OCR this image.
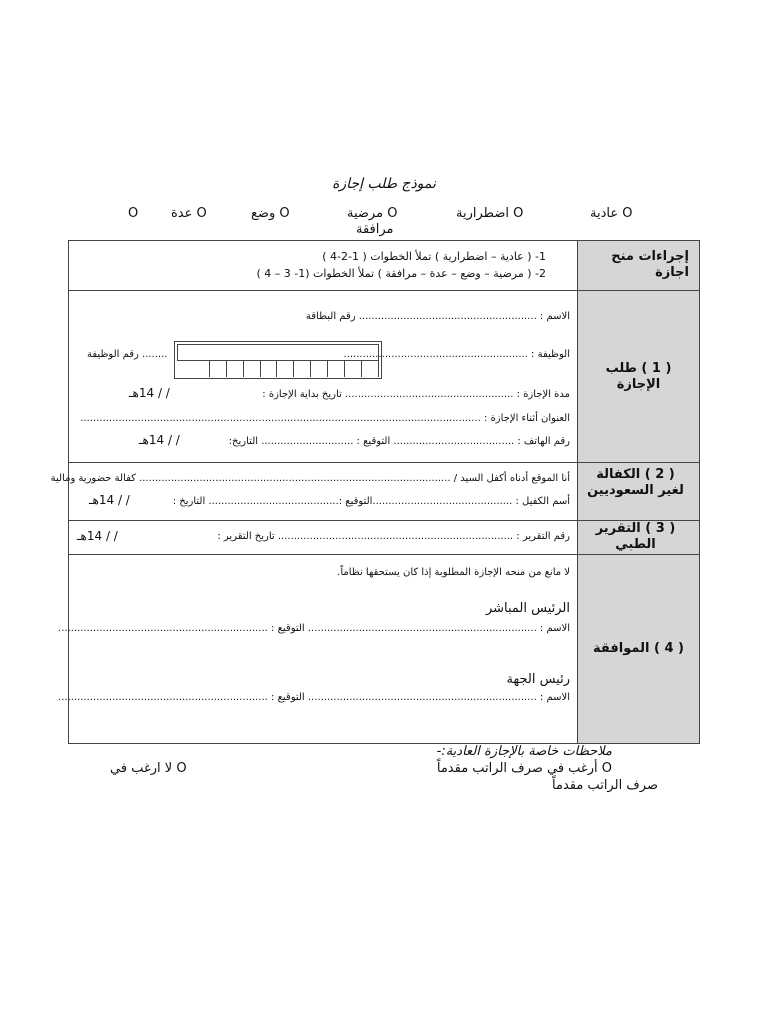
نموذج طلب إجازة
عادية O
اضطرارية O
مرضية O
وضع O
عدة O
O
مرافقة
إجراءات منح اجازة
1- ( عادية – اضطرارية ) تملأ الخطوات ( 1-2-4 )
2- ( مرضية – وضع – عدة – مرافقة ) تملأ الخطوات (1- 3 – 4 )
( 1 ) طلب الإجازة
الاسم : ........................................................ رقم البطاقة
الوظيفة : ..........................................................
........ رقم الوظيفة
مدة الإجازة : ..................................................... تاريخ بداية الإجازة :
/ / 14هـ
العنوان أثناء الإجازة : ..............................................................................................................................
رقم الهاتف : ...................................... التوقيع : ............................. التاريخ:
/ / 14هـ
( 2 ) الكفالة لغير السعوديين
أنا الموقع أدناه أكفل السيد / .................................................................................................. كفالة حضورية ومالية
أسم الكفيل : ............................................التوقيع :......................................... التاريخ :
/ / 14هـ
( 3 ) التقرير الطبي
رقم التقرير : .......................................................................... تاريخ التقرير :
/ / 14هـ
( 4 ) الموافقة
لا مانع من منحه الإجازة المطلوبة إذا كان يستحقها نظاماً.
الرئيس المباشر
الاسم : ........................................................................ التوقيع : ..................................................................
رئيس الجهة
الاسم : ........................................................................ التوقيع : ..................................................................
ملاحظات خاصة بالإجازة العادية:-
O أرغب في صرف الراتب مقدماً
O لا ارغب في
صرف الراتب مقدماً
